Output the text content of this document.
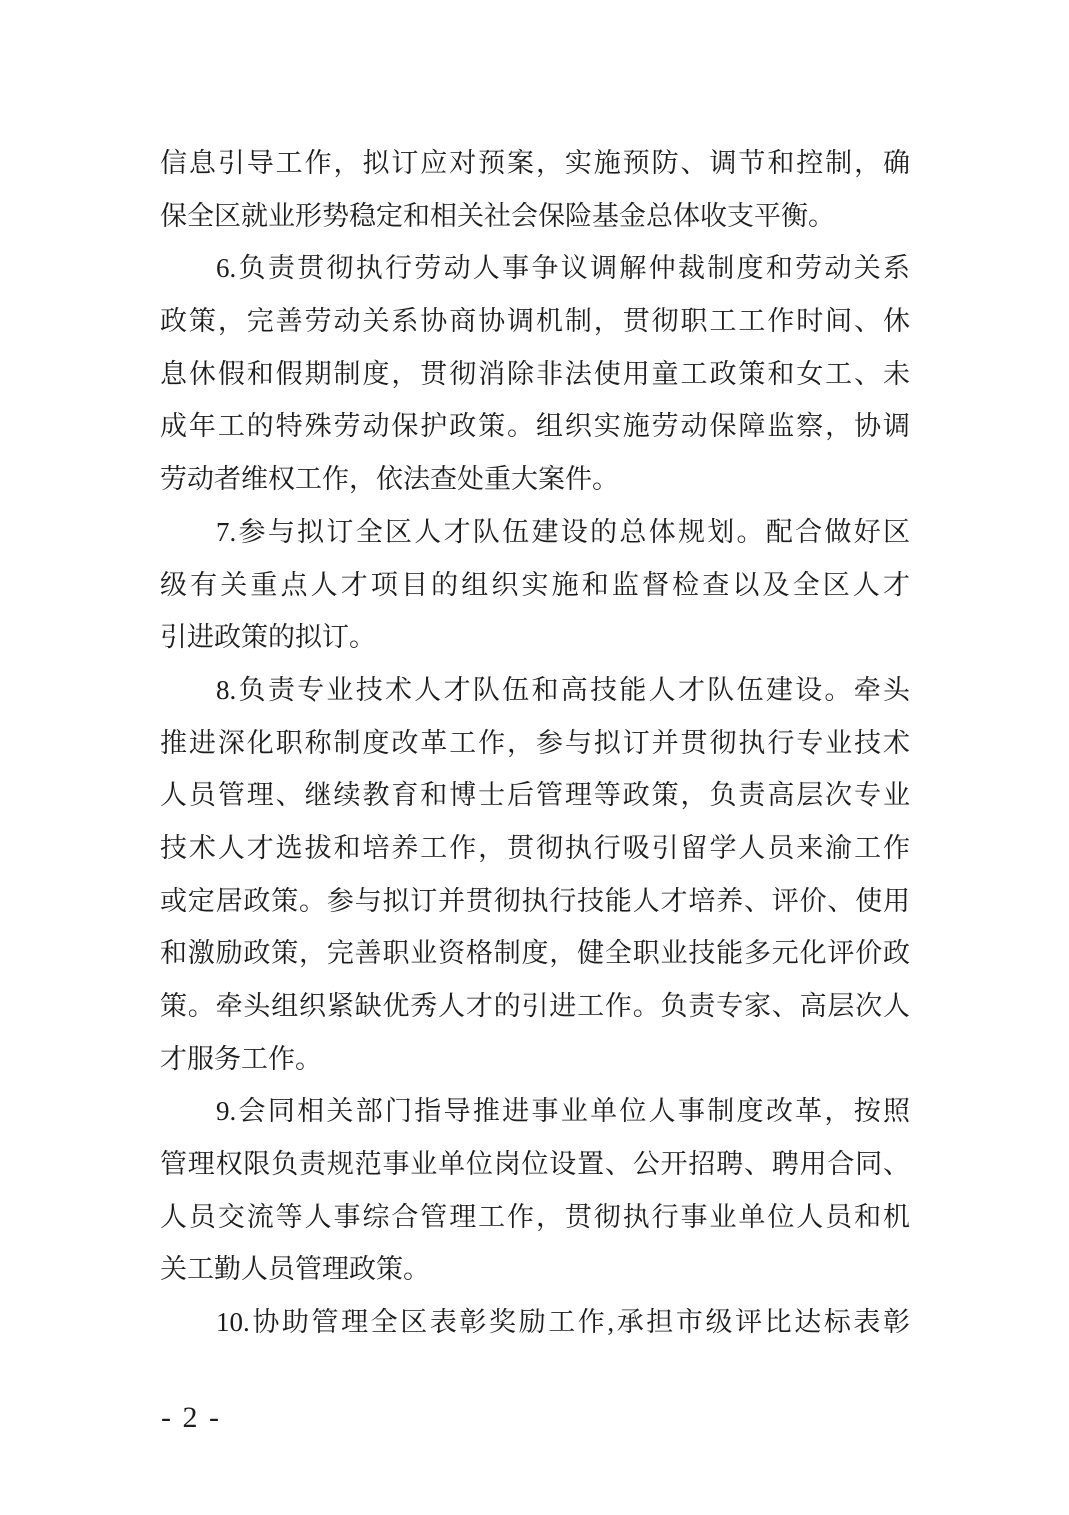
信息引导工作，拟订应对预案，实施预防、调节和控制，确
保全区就业形势稳定和相关社会保险基金总体收支平衡。
6.负责贯彻执行劳动人事争议调解仲裁制度和劳动关系
政策，完善劳动关系协商协调机制，贯彻职工工作时间、休
息休假和假期制度，贯彻消除非法使用童工政策和女工、未
成年工的特殊劳动保护政策。组织实施劳动保障监察，协调
劳动者维权工作，依法查处重大案件。
7.参与拟订全区人才队伍建设的总体规划。配合做好区
级有关重点人才项目的组织实施和监督检查以及全区人才
引进政策的拟订。
8.负责专业技术人才队伍和高技能人才队伍建设。牵头
推进深化职称制度改革工作，参与拟订并贯彻执行专业技术
人员管理、继续教育和博士后管理等政策，负责高层次专业
技术人才选拔和培养工作，贯彻执行吸引留学人员来渝工作
或定居政策。参与拟订并贯彻执行技能人才培养、评价、使用
和激励政策，完善职业资格制度，健全职业技能多元化评价政
策。牵头组织紧缺优秀人才的引进工作。负责专家、高层次人
才服务工作。
9.会同相关部门指导推进事业单位人事制度改革，按照
管理权限负责规范事业单位岗位设置、公开招聘、聘用合同、
人员交流等人事综合管理工作，贯彻执行事业单位人员和机
关工勤人员管理政策。
10.协助管理全区表彰奖励工作,承担市级评比达标表彰
- 2 -
